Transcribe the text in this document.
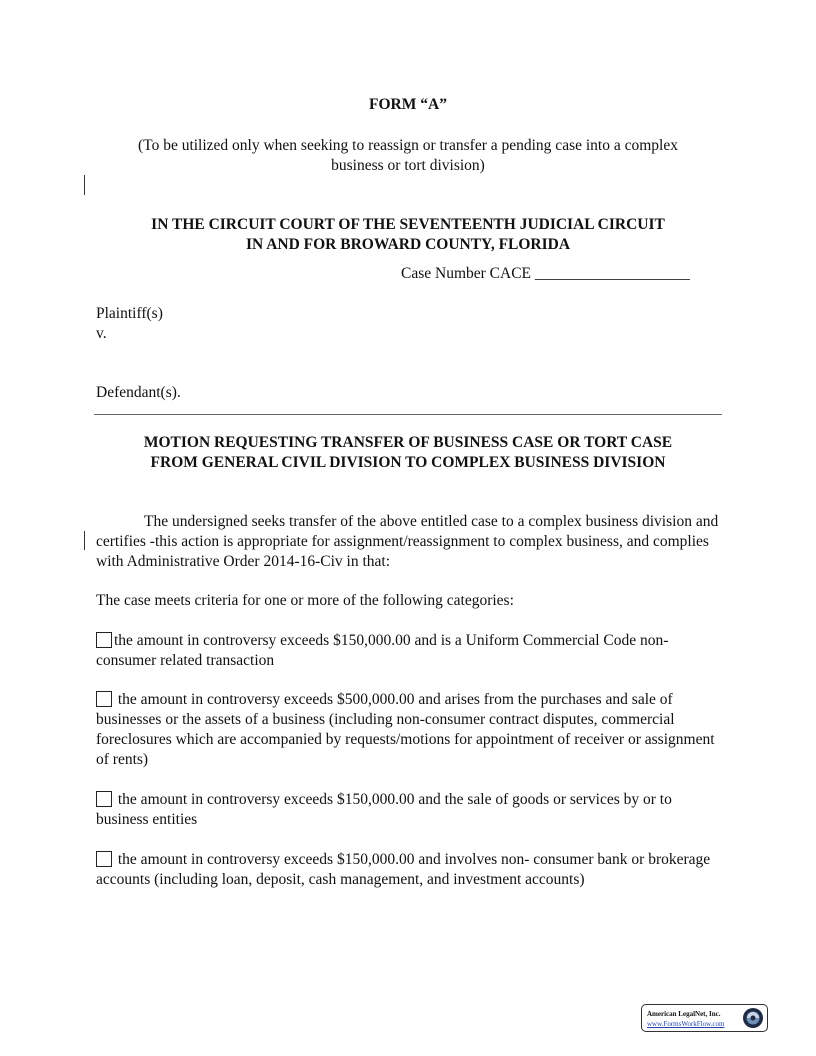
FORM “A”
(To be utilized only when seeking to reassign or transfer a pending case into a complex
business or tort division)
IN THE CIRCUIT COURT OF THE SEVENTEENTH JUDICIAL CIRCUIT
IN AND FOR BROWARD COUNTY, FLORIDA
Case Number CACE ____________________
Plaintiff(s)
v.
Defendant(s).
MOTION REQUESTING TRANSFER OF BUSINESS CASE OR TORT CASE
FROM GENERAL CIVIL DIVISION TO COMPLEX BUSINESS DIVISION
The undersigned seeks transfer of the above entitled case to a complex business division and certifies -this action is appropriate for assignment/reassignment to complex business, and complies with Administrative Order 2014-16-Civ in that:
The case meets criteria for one or more of the following categories:
the amount in controversy exceeds $150,000.00 and is a Uniform Commercial Code non-consumer related transaction
the amount in controversy exceeds $500,000.00 and arises from the purchases and sale of businesses or the assets of a business (including non-consumer contract disputes, commercial foreclosures which are accompanied by requests/motions for appointment of receiver or assignment of rents)
the amount in controversy exceeds $150,000.00 and the sale of goods or services by or to business entities
the amount in controversy exceeds $150,000.00 and involves non- consumer bank or brokerage accounts (including loan, deposit, cash management, and investment accounts)
American LegalNet, Inc.
www.FormsWorkFlow.com
